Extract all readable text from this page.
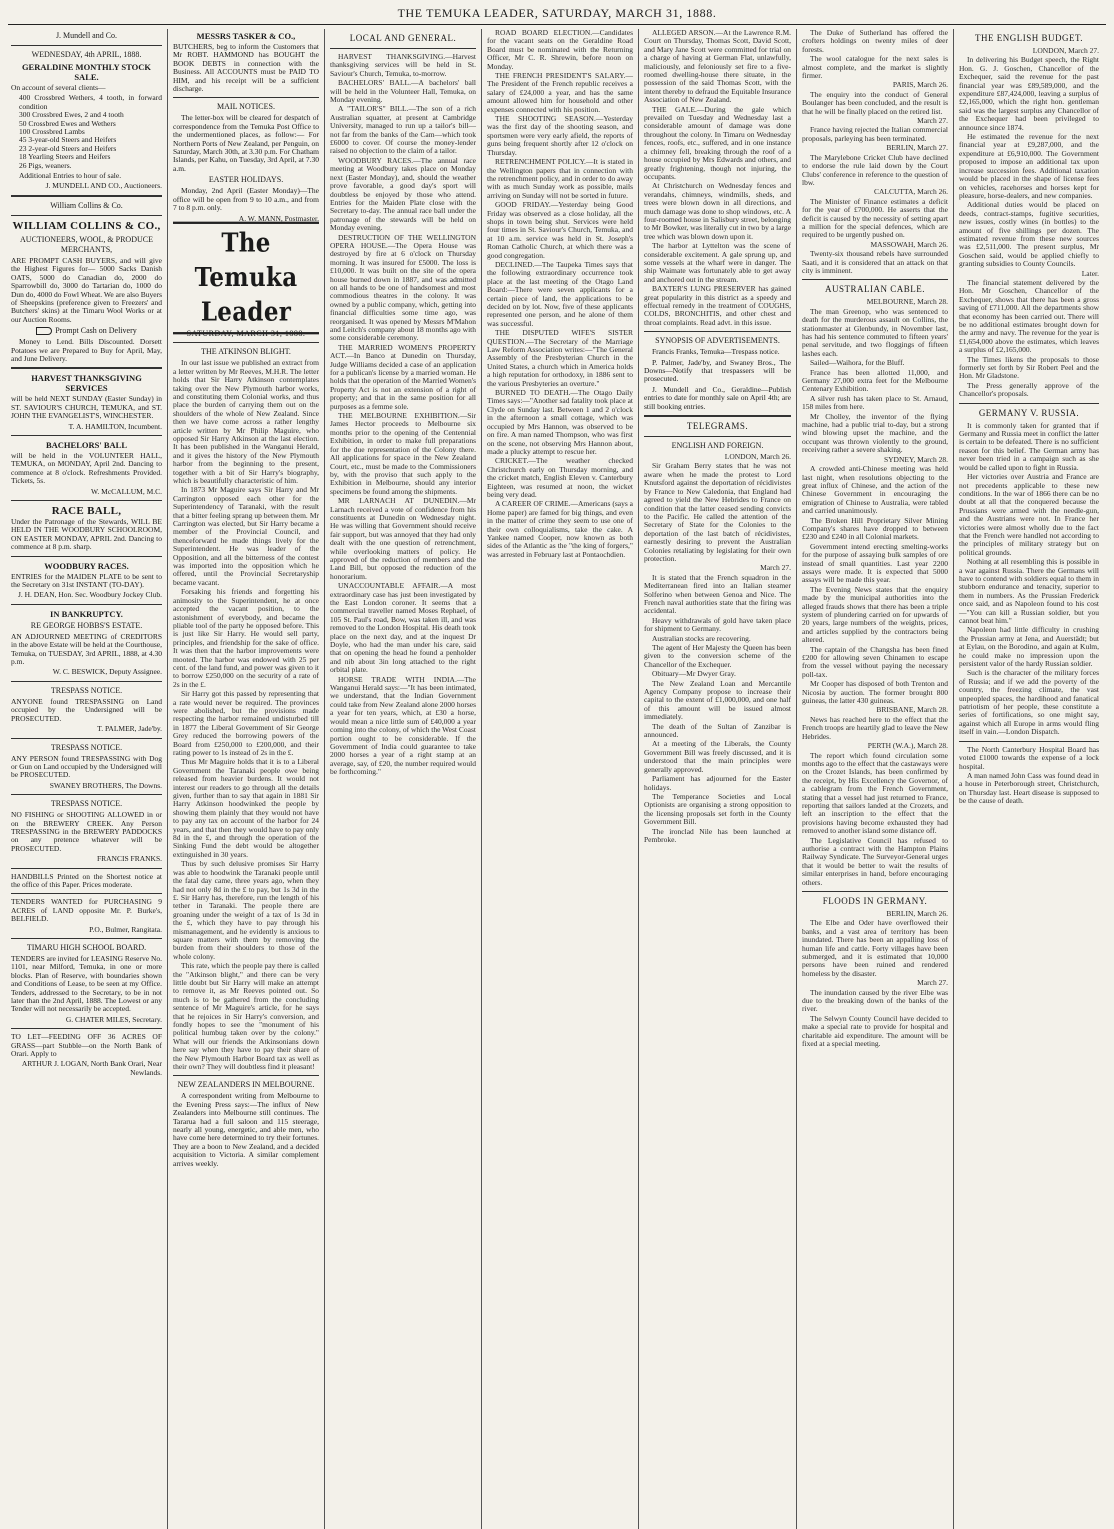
THE TEMUKA LEADER, SATURDAY, MARCH 31, 1888.
J. Mundell and Co.
WEDNESDAY, 4th APRIL, 1888.
GERALDINE MONTHLY STOCK SALE.

On account of several clients—

400 Crossbred Wethers, 4 tooth, in forward condition
300 Crossbred Ewes, 2 and 4 tooth
50 Crossbred Ewes and Wethers
100 Crossbred Lambs
45 3-year-old Steers and Heifers
23 2-year-old Steers and Heifers
18 Yearling Steers and Heifers
26 Pigs, weaners.

Additional Entries to hour of sale.

J. MUNDELL AND CO., Auctioneers.
William Collins & Co.
WILLIAM COLLINS & CO.,
AUCTIONEERS, WOOL, & PRODUCE MERCHANTS,

ARE PROMPT CASH BUYERS, and will give the Highest Figures for— 5000 Sacks Danish OATS, 5000 do Canadian do, 2000 do Sparrowbill do, 3000 do Tartarian do, 1000 do Dun do, 4000 do Fowl Wheat. We are also Buyers of Sheepskins (preference given to Freezers' and Butchers' skins) at the Timaru Wool Works or at our Auction Rooms.

Prompt Cash on Delivery

Money to Lend. Bills Discounted. Dorsett Potatoes we are Prepared to Buy for April, May, and June Delivery.

HARVEST THANKSGIVING SERVICES

will be held NEXT SUNDAY (Easter Sunday) in ST. SAVIOUR'S CHURCH, TEMUKA, and ST. JOHN THE EVANGELIST'S, WINCHESTER.

T. A. HAMILTON, Incumbent.
BACHELORS' BALL

will be held in the VOLUNTEER HALL, TEMUKA, on MONDAY, April 2nd. Dancing to commence at 8 o'clock. Refreshments Provided. Tickets, 5s.

W. McCALLUM, M.C.
RACE BALL,

Under the Patronage of the Stewards, WILL BE HELD IN THE WOODBURY SCHOOLROOM, ON EASTER MONDAY, APRIL 2nd. Dancing to commence at 8 p.m. sharp.

WOODBURY RACES.

ENTRIES for the MAIDEN PLATE to be sent to the Secretary on 31st INSTANT (TO-DAY).

J. H. DEAN, Hon. Sec. Woodbury Jockey Club.
IN BANKRUPTCY.
RE GEORGE HOBBS'S ESTATE.

AN ADJOURNED MEETING of CREDITORS in the above Estate will be held at the Courthouse, Temuka, on TUESDAY, 3rd APRIL, 1888, at 4.30 p.m.

W. C. BESWICK, Deputy Assignee.
TRESPASS NOTICE.

ANYONE found TRESPASSING on Land occupied by the Undersigned will be PROSECUTED.

T. PALMER, Jade'by.
TRESPASS NOTICE.

ANY PERSON found TRESPASSING with Dog or Gun on Land occupied by the Undersigned will be PROSECUTED.

SWANEY BROTHERS, The Downs.
TRESPASS NOTICE.

NO FISHING or SHOOTING ALLOWED in or on the BREWERY CREEK. Any Person TRESPASSING in the BREWERY PADDOCKS on any pretence whatever will be PROSECUTED.

FRANCIS FRANKS.

HANDBILLS Printed on the Shortest notice at the office of this Paper. Prices moderate.

TENDERS WANTED for PURCHASING 9 ACRES of LAND opposite Mr. P. Burke's, BELFIELD.

P.O., Bulmer, Rangitata.
TIMARU HIGH SCHOOL BOARD.

TENDERS are invited for LEASING Reserve No. 1101, near Milford, Temuka, in one or more blocks. Plan of Reserve, with boundaries shown and Conditions of Lease, to be seen at my Office. Tenders, addressed to the Secretary, to be in not later than the 2nd April, 1888. The Lowest or any Tender will not necessarily be accepted.

G. CHATER MILES, Secretary.

TO LET—FEEDING OFF 36 ACRES OF GRASS—part Stubble—on the North Bank of Orari. Apply to

ARTHUR J. LOGAN, North Bank Orari, Near Newlands.
MESSRS TASKER & CO.,

BUTCHERS, beg to inform the Customers that Mr ROBT. HAMMOND has BOUGHT the BOOK DEBTS in connection with the Business. All ACCOUNTS must be PAID TO HIM, and his receipt will be a sufficient discharge.

MAIL NOTICES.

The letter-box will be cleared for despatch of correspondence from the Temuka Post Office to the undermentioned places, as follow:— For Northern Ports of New Zealand, per Penguin, on Saturday, March 30th, at 3.30 p.m. For Chatham Islands, per Kahu, on Tuesday, 3rd April, at 7.30 a.m.

EASTER HOLIDAYS.

Monday, 2nd April (Easter Monday)—The office will be open from 9 to 10 a.m., and from 7 to 8 p.m. only.

A. W. MANN, Postmaster.
The Temuka Leader
SATURDAY, MARCH 31, 1888.
THE ATKINSON BLIGHT.

In our last issue we published an extract from a letter written by Mr Reeves, M.H.R. The letter holds that Sir Harry Atkinson contemplates taking over the New Plymouth harbor works, and constituting them Colonial works, and thus place the burden of carrying them out on the shoulders of the whole of New Zealand. Since then we have come across a rather lengthy article written by Mr Philip Maguire, who opposed Sir Harry Atkinson at the last election. It has been published in the Wanganui Herald, and it gives the history of the New Plymouth harbor from the beginning to the present, together with a bit of Sir Harry's biography, which is beautifully characteristic of him.

In 1873 Mr Maguire says Sir Harry and Mr Carrington opposed each other for the Superintendency of Taranaki, with the result that a bitter feeling sprang up between them. Mr Carrington was elected, but Sir Harry became a member of the Provincial Council, and thenceforward he made things lively for the Superintendent. He was leader of the Opposition, and all the bitterness of the contest was imported into the opposition which he offered, until the Provincial Secretaryship became vacant.

Forsaking his friends and forgetting his animosity to the Superintendent, he at once accepted the vacant position, to the astonishment of everybody, and became the pliable tool of the party he opposed before. This is just like Sir Harry. He would sell party, principles, and friendship for the sake of office. It was then that the harbor improvements were mooted. The harbor was endowed with 25 per cent. of the land fund, and power was given to it to borrow £250,000 on the security of a rate of 2s in the £.

Sir Harry got this passed by representing that a rate would never be required. The provinces were abolished, but the provisions made respecting the harbor remained undisturbed till in 1877 the Liberal Government of Sir George Grey reduced the borrowing powers of the Board from £250,000 to £200,000, and their rating power to 1s instead of 2s in the £.

Thus Mr Maguire holds that it is to a Liberal Government the Taranaki people owe being released from heavier burdens. It would not interest our readers to go through all the details given, further than to say that again in 1881 Sir Harry Atkinson hoodwinked the people by showing them plainly that they would not have to pay any tax on account of the harbor for 24 years, and that then they would have to pay only 8d in the £, and through the operation of the Sinking Fund the debt would be altogether extinguished in 30 years.

Thus by such delusive promises Sir Harry was able to hoodwink the Taranaki people until the fatal day came, three years ago, when they had not only 8d in the £ to pay, but 1s 3d in the £. Sir Harry has, therefore, run the length of his tether in Taranaki. The people there are groaning under the weight of a tax of 1s 3d in the £, which they have to pay through his mismanagement, and he evidently is anxious to square matters with them by removing the burden from their shoulders to those of the whole colony.

This rate, which the people pay there is called the "Atkinson blight," and there can be very little doubt but Sir Harry will make an attempt to remove it, as Mr Reeves pointed out. So much is to be gathered from the concluding sentence of Mr Maguire's article, for he says that he rejoices in Sir Harry's conversion, and fondly hopes to see the "monument of his political humbug taken over by the colony." What will our friends the Atkinsonians down here say when they have to pay their share of the New Plymouth Harbor Board tax as well as their own? They will doubtless find it pleasant!

NEW ZEALANDERS IN MELBOURNE.

A correspondent writing from Melbourne to the Evening Press says:—The influx of New Zealanders into Melbourne still continues. The Tararua had a full saloon and 115 steerage, nearly all young, energetic, and able men, who have come here determined to try their fortunes. They are a boon to New Zealand, and a decided acquisition to Victoria. A similar complement arrives weekly.

LOCAL AND GENERAL.

HARVEST THANKSGIVING.—Harvest thanksgiving services will be held in St. Saviour's Church, Temuka, to-morrow.

BACHELORS' BALL.—A bachelors' ball will be held in the Volunteer Hall, Temuka, on Monday evening.

A "TAILOR'S" BILL.—The son of a rich Australian squatter, at present at Cambridge University, managed to run up a tailor's bill—not far from the banks of the Cam—which took £6000 to cover. Of course the money-lender raised no objection to the claim of a tailor.

WOODBURY RACES.—The annual race meeting at Woodbury takes place on Monday next (Easter Monday), and, should the weather prove favorable, a good day's sport will doubtless be enjoyed by those who attend. Entries for the Maiden Plate close with the Secretary to-day. The annual race ball under the patronage of the stewards will be held on Monday evening.

DESTRUCTION OF THE WELLINGTON OPERA HOUSE.—The Opera House was destroyed by fire at 6 o'clock on Thursday morning. It was insured for £5000. The loss is £10,000. It was built on the site of the opera house burned down in 1887, and was admitted on all hands to be one of handsomest and most commodious theatres in the colony. It was owned by a public company, which, getting into financial difficulties some time ago, was reorganised. It was opened by Messrs M'Mahon and Leitch's company about 18 months ago with some considerable ceremony.

THE MARRIED WOMEN'S PROPERTY ACT.—In Banco at Dunedin on Thursday, Judge Williams decided a case of an application for a publican's license by a married woman. He holds that the operation of the Married Women's Property Act is not an extension of a right of property; and that in the same position for all purposes as a femme sole.

THE MELBOURNE EXHIBITION.—Sir James Hector proceeds to Melbourne six months prior to the opening of the Centennial Exhibition, in order to make full preparations for the due representation of the Colony there. All applications for space in the New Zealand Court, etc., must be made to the Commissioners by, with the proviso that such apply to the Exhibition in Melbourne, should any interior specimens be found among the shipments.

MR LARNACH AT DUNEDIN.—Mr Larnach received a vote of confidence from his constituents at Dunedin on Wednesday night. He was willing that Government should receive fair support, but was annoyed that they had only dealt with the one question of retrenchment, while overlooking matters of policy. He approved of the reduction of members and the Land Bill, but opposed the reduction of the honorarium.

UNACCOUNTABLE AFFAIR.—A most extraordinary case has just been investigated by the East London coroner. It seems that a commercial traveller named Moses Rephael, of 105 St. Paul's road, Bow, was taken ill, and was removed to the London Hospital. His death took place on the next day, and at the inquest Dr Doyle, who had the man under his care, said that on opening the head he found a penholder and nib about 3in long attached to the right orbital plate.

HORSE TRADE WITH INDIA.—The Wanganui Herald says:—"It has been intimated, we understand, that the Indian Government could take from New Zealand alone 2000 horses a year for ten years, which, at £30 a horse, would mean a nice little sum of £40,000 a year coming into the colony, of which the West Coast portion ought to be considerable. If the Government of India could guarantee to take 2000 horses a year of a right stamp at an average, say, of £20, the number required would be forthcoming."

ROAD BOARD ELECTION.—Candidates for the vacant seats on the Geraldine Road Board must be nominated with the Returning Officer, Mr C. R. Shrewin, before noon on Monday.

THE FRENCH PRESIDENT'S SALARY.—The President of the French republic receives a salary of £24,000 a year, and has the same amount allowed him for household and other expenses connected with his position.

THE SHOOTING SEASON.—Yesterday was the first day of the shooting season, and sportsmen were very early afield, the reports of guns being frequent shortly after 12 o'clock on Thursday.

RETRENCHMENT POLICY.—It is stated in the Wellington papers that in connection with the retrenchment policy, and in order to do away with as much Sunday work as possible, mails arriving on Sunday will not be sorted in future.

GOOD FRIDAY.—Yesterday being Good Friday was observed as a close holiday, all the shops in town being shut. Services were held four times in St. Saviour's Church, Temuka, and at 10 a.m. service was held in St. Joseph's Roman Catholic Church, at which there was a good congregation.

DECLINED.—The Taupeka Times says that the following extraordinary occurrence took place at the last meeting of the Otago Land Board:—There were seven applicants for a certain piece of land, the applications to be decided on by lot. Now, five of these applicants represented one person, and he alone of them was successful.

THE DISPUTED WIFE'S SISTER QUESTION.—The Secretary of the Marriage Law Reform Association writes:—"The General Assembly of the Presbyterian Church in the United States, a church which in America holds a high reputation for orthodoxy, in 1886 sent to the various Presbyteries an overture."

BURNED TO DEATH.—The Otago Daily Times says:—"Another sad fatality took place at Clyde on Sunday last. Between 1 and 2 o'clock in the afternoon a small cottage, which was occupied by Mrs Hannon, was observed to be on fire. A man named Thompson, who was first on the scene, not observing Mrs Hannon about, made a plucky attempt to rescue her.

CRICKET.—The weather checked Christchurch early on Thursday morning, and the cricket match, English Eleven v. Canterbury Eighteen, was resumed at noon, the wicket being very dead.

A CAREER OF CRIME.—Americans (says a Home paper) are famed for big things, and even in the matter of crime they seem to use one of their own colloquialisms, take the cake. A Yankee named Cooper, now known as both sides of the Atlantic as the "the king of forgers," was arrested in February last at Pontaochdien.

ALLEGED ARSON.—At the Lawrence R.M. Court on Thursday, Thomas Scott, David Scott, and Mary Jane Scott were committed for trial on a charge of having at German Flat, unlawfully, maliciously, and feloniously set fire to a five-roomed dwelling-house there situate, in the possession of the said Thomas Scott, with the intent thereby to defraud the Equitable Insurance Association of New Zealand.

THE GALE.—During the gale which prevailed on Tuesday and Wednesday last a considerable amount of damage was done throughout the colony. In Timaru on Wednesday fences, roofs, etc., suffered, and in one instance a chimney fell, breaking through the roof of a house occupied by Mrs Edwards and others, and greatly frightening, though not injuring, the occupants.

At Christchurch on Wednesday fences and verandahs, chimneys, windmills, sheds, and trees were blown down in all directions, and much damage was done to shop windows, etc. A four-roomed house in Salisbury street, belonging to Mr Bowker, was literally cut in two by a large tree which was blown down upon it.

The harbor at Lyttelton was the scene of considerable excitement. A gale sprung up, and some vessels at the wharf were in danger. The ship Waimate was fortunately able to get away and anchored out in the stream.

BAXTER'S LUNG PRESERVER has gained great popularity in this district as a speedy and effectual remedy in the treatment of COUGHS, COLDS, BRONCHITIS, and other chest and throat complaints. Read advt. in this issue.

SYNOPSIS OF ADVERTISEMENTS.

Francis Franks, Temuka—Trespass notice.

P. Palmer, Jade'by, and Swaney Bros., The Downs—Notify that trespassers will be prosecuted.

J. Mundell and Co., Geraldine—Publish entries to date for monthly sale on April 4th; are still booking entries.

TELEGRAMS.
ENGLISH AND FOREIGN.

LONDON, March 26.

Sir Graham Berry states that he was not aware when he made the protest to Lord Knutsford against the deportation of récidivistes by France to New Caledonia, that England had agreed to yield the New Hebrides to France on condition that the latter ceased sending convicts to the Pacific. He called the attention of the Secretary of State for the Colonies to the deportation of the last batch of récidivistes, earnestly desiring to prevent the Australian Colonies retaliating by legislating for their own protection.

March 27.

It is stated that the French squadron in the Mediterranean fired into an Italian steamer Solferino when between Genoa and Nice. The French naval authorities state that the firing was accidental.

Heavy withdrawals of gold have taken place for shipment to Germany.

Australian stocks are recovering.

The agent of Her Majesty the Queen has been given to the conversion scheme of the Chancellor of the Exchequer.

Obituary—Mr Dwyer Gray.

The New Zealand Loan and Mercantile Agency Company propose to increase their capital to the extent of £1,000,000, and one half of this amount will be issued almost immediately.

The death of the Sultan of Zanzibar is announced.

At a meeting of the Liberals, the County Government Bill was freely discussed, and it is understood that the main principles were generally approved.

Parliament has adjourned for the Easter holidays.

The Temperance Societies and Local Optionists are organising a strong opposition to the licensing proposals set forth in the County Government Bill.

The ironclad Nile has been launched at Pembroke.

The Duke of Sutherland has offered the crofters holdings on twenty miles of deer forests.

The wool catalogue for the next sales is almost complete, and the market is slightly firmer.

PARIS, March 26.

The enquiry into the conduct of General Boulanger has been concluded, and the result is that he will be finally placed on the retired list.

March 27.

France having rejected the Italian commercial proposals, parleying has been terminated.

BERLIN, March 27.

The Marylebone Cricket Club have declined to endorse the rule laid down by the Court Clubs' conference in reference to the question of lbw.

CALCUTTA, March 26.

The Minister of Finance estimates a deficit for the year of £700,000. He asserts that the deficit is caused by the necessity of setting apart a million for the special defences, which are required to be urgently pushed on.

MASSOWAH, March 26.

Twenty-six thousand rebels have surrounded Saati, and it is considered that an attack on that city is imminent.

AUSTRALIAN CABLE.

MELBOURNE, March 28.

The man Greenop, who was sentenced to death for the murderous assault on Collins, the stationmaster at Glenbundy, in November last, has had his sentence commuted to fifteen years' penal servitude, and two floggings of fifteen lashes each.

Sailed—Waihora, for the Bluff.

France has been allotted 11,000, and Germany 27,000 extra feet for the Melbourne Centenary Exhibition.

A silver rush has taken place to St. Arnaud, 158 miles from here.

Mr Cholley, the inventor of the flying machine, had a public trial to-day, but a strong wind blowing upset the machine, and the occupant was thrown violently to the ground, receiving rather a severe shaking.

SYDNEY, March 28.

A crowded anti-Chinese meeting was held last night, when resolutions objecting to the great influx of Chinese, and the action of the Chinese Government in encouraging the emigration of Chinese to Australia, were tabled and carried unanimously.

The Broken Hill Proprietary Silver Mining Company's shares have dropped to between £230 and £240 in all Colonial markets.

Government intend erecting smelting-works for the purpose of assaying bulk samples of ore instead of small quantities. Last year 2200 assays were made. It is expected that 5000 assays will be made this year.

The Evening News states that the enquiry made by the municipal authorities into the alleged frauds shows that there has been a triple system of plundering carried on for upwards of 20 years, large numbers of the weights, prices, and articles supplied by the contractors being altered.

The captain of the Changsha has been fined £200 for allowing seven Chinamen to escape from the vessel without paying the necessary poll-tax.

Mr Cooper has disposed of both Trenton and Nicosia by auction. The former brought 800 guineas, the latter 430 guineas.

BRISBANE, March 28.

News has reached here to the effect that the French troops are heartily glad to leave the New Hebrides.

PERTH (W.A.), March 28.

The report which found circulation some months ago to the effect that the castaways were on the Crozet Islands, has been confirmed by the receipt, by His Excellency the Governor, of a cablegram from the French Government, stating that a vessel had just returned to France, reporting that sailors landed at the Crozets, and left an inscription to the effect that the provisions having become exhausted they had removed to another island some distance off.

The Legislative Council has refused to authorise a contract with the Hampton Plains Railway Syndicate. The Surveyor-General urges that it would be better to wait the results of similar enterprises in hand, before encouraging others.

FLOODS IN GERMANY.

BERLIN, March 26.

The Elbe and Oder have overflowed their banks, and a vast area of territory has been inundated. There has been an appalling loss of human life and cattle. Forty villages have been submerged, and it is estimated that 10,000 persons have been ruined and rendered homeless by the disaster.

March 27.

The inundation caused by the river Elbe was due to the breaking down of the banks of the river.

The Selwyn County Council have decided to make a special rate to provide for hospital and charitable aid expenditure. The amount will be fixed at a special meeting.

THE ENGLISH BUDGET.

LONDON, March 27.

In delivering his Budget speech, the Right Hon. G. J. Goschen, Chancellor of the Exchequer, said the revenue for the past financial year was £89,589,000, and the expenditure £87,424,000, leaving a surplus of £2,165,000, which the right hon. gentleman said was the largest surplus any Chancellor of the Exchequer had been privileged to announce since 1874.

He estimated the revenue for the next financial year at £9,287,000, and the expenditure at £6,910,000. The Government proposed to impose an additional tax upon increase succession fees. Additional taxation would be placed in the shape of license fees on vehicles, racehorses and horses kept for pleasure, horse-dealers, and new companies.

Additional duties would be placed on deeds, contract-stamps, fugitive securities, new issues, costly wines (in bottles) to the amount of five shillings per dozen. The estimated revenue from these new sources was £2,511,000. The present surplus, Mr Goschen said, would be applied chiefly to granting subsidies to County Councils.

Later.

The financial statement delivered by the Hon. Mr Goschen, Chancellor of the Exchequer, shows that there has been a gross saving of £711,000. All the departments show that economy has been carried out. There will be no additional estimates brought down for the army and navy. The revenue for the year is £1,654,000 above the estimates, which leaves a surplus of £2,165,000.

The Times likens the proposals to those formerly set forth by Sir Robert Peel and the Hon. Mr Gladstone.

The Press generally approve of the Chancellor's proposals.

GERMANY V. RUSSIA.

It is commonly taken for granted that if Germany and Russia meet in conflict the latter is certain to be defeated. There is no sufficient reason for this belief. The German army has never been tried in a campaign such as she would be called upon to fight in Russia.

Her victories over Austria and France are not precedents applicable to these new conditions. In the war of 1866 there can be no doubt at all that the conquered because the Prussians were armed with the needle-gun, and the Austrians were not. In France her victories were almost wholly due to the fact that the French were handled not according to the principles of military strategy but on political grounds.

Nothing at all resembling this is possible in a war against Russia. There the Germans will have to contend with soldiers equal to them in stubborn endurance and tenacity, superior to them in numbers. As the Prussian Frederick once said, and as Napoleon found to his cost—"You can kill a Russian soldier, but you cannot beat him."

Napoleon had little difficulty in crushing the Prussian army at Jena, and Auerstädt; but at Eylau, on the Borodino, and again at Kulm, he could make no impression upon the persistent valor of the hardy Russian soldier.

Such is the character of the military forces of Russia; and if we add the poverty of the country, the freezing climate, the vast unpeopled spaces, the hardihood and fanatical patriotism of her people, these constitute a series of fortifications, so one might say, against which all Europe in arms would fling itself in vain.—London Dispatch.

The North Canterbury Hospital Board has voted £1000 towards the expense of a lock hospital.

A man named John Cass was found dead in a house in Peterborough street, Christchurch, on Thursday last. Heart disease is supposed to be the cause of death.
